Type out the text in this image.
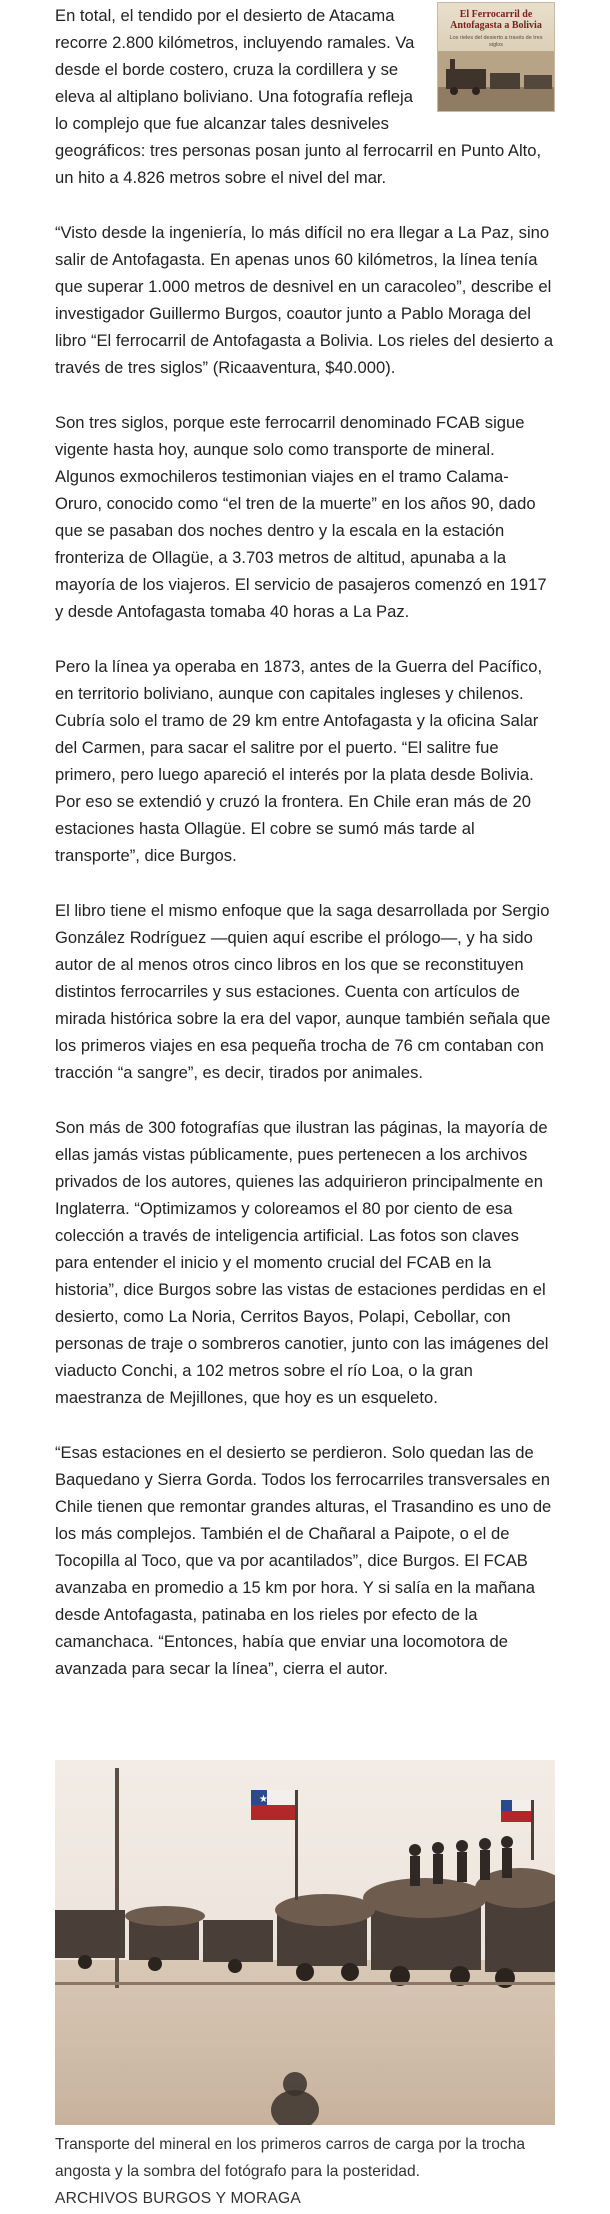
El Ferrocarril de Antofagasta a Bolivia
Los rieles del desierto a través de tres siglos
En total, el tendido por el desierto de Atacama recorre 2.800 kilómetros, incluyendo ramales. Va desde el borde costero, cruza la cordillera y se eleva al altiplano boliviano. Una fotografía refleja lo complejo que fue alcanzar tales desniveles geográficos: tres personas posan junto al ferrocarril en Punto Alto, un hito a 4.826 metros sobre el nivel del mar.

“Visto desde la ingeniería, lo más difícil no era llegar a La Paz, sino salir de Antofagasta. En apenas unos 60 kilómetros, la línea tenía que superar 1.000 metros de desnivel en un caracoleo”, describe el investigador Guillermo Burgos, coautor junto a Pablo Moraga del libro “El ferrocarril de Antofagasta a Bolivia. Los rieles del desierto a través de tres siglos” (Ricaaventura, $40.000).

Son tres siglos, porque este ferrocarril denominado FCAB sigue vigente hasta hoy, aunque solo como transporte de mineral. Algunos exmochileros testimonian viajes en el tramo Calama-Oruro, conocido como “el tren de la muerte” en los años 90, dado que se pasaban dos noches dentro y la escala en la estación fronteriza de Ollagüe, a 3.703 metros de altitud, apunaba a la mayoría de los viajeros. El servicio de pasajeros comenzó en 1917 y desde Antofagasta tomaba 40 horas a La Paz.

Pero la línea ya operaba en 1873, antes de la Guerra del Pacífico, en territorio boliviano, aunque con capitales ingleses y chilenos. Cubría solo el tramo de 29 km entre Antofagasta y la oficina Salar del Carmen, para sacar el salitre por el puerto. “El salitre fue primero, pero luego apareció el interés por la plata desde Bolivia. Por eso se extendió y cruzó la frontera. En Chile eran más de 20 estaciones hasta Ollagüe. El cobre se sumó más tarde al transporte”, dice Burgos.

El libro tiene el mismo enfoque que la saga desarrollada por Sergio González Rodríguez —quien aquí escribe el prólogo—, y ha sido autor de al menos otros cinco libros en los que se reconstituyen distintos ferrocarriles y sus estaciones. Cuenta con artículos de mirada histórica sobre la era del vapor, aunque también señala que los primeros viajes en esa pequeña trocha de 76 cm contaban con tracción “a sangre”, es decir, tirados por animales.

Son más de 300 fotografías que ilustran las páginas, la mayoría de ellas jamás vistas públicamente, pues pertenecen a los archivos privados de los autores, quienes las adquirieron principalmente en Inglaterra. “Optimizamos y coloreamos el 80 por ciento de esa colección a través de inteligencia artificial. Las fotos son claves para entender el inicio y el momento crucial del FCAB en la historia”, dice Burgos sobre las vistas de estaciones perdidas en el desierto, como La Noria, Cerritos Bayos, Polapi, Cebollar, con personas de traje o sombreros canotier, junto con las imágenes del viaducto Conchi, a 102 metros sobre el río Loa, o la gran maestranza de Mejillones, que hoy es un esqueleto.

“Esas estaciones en el desierto se perdieron. Solo quedan las de Baquedano y Sierra Gorda. Todos los ferrocarriles transversales en Chile tienen que remontar grandes alturas, el Trasandino es uno de los más complejos. También el de Chañaral a Paipote, o el de Tocopilla al Toco, que va por acantilados”, dice Burgos. El FCAB avanzaba en promedio a 15 km por hora. Y si salía en la mañana desde Antofagasta, patinaba en los rieles por efecto de la camanchaca. “Entonces, había que enviar una locomotora de avanzada para secar la línea”, cierra el autor.

★
Transporte del mineral en los primeros carros de carga por la trocha angosta y la sombra del fotógrafo para la posteridad.
ARCHIVOS BURGOS Y MORAGA
